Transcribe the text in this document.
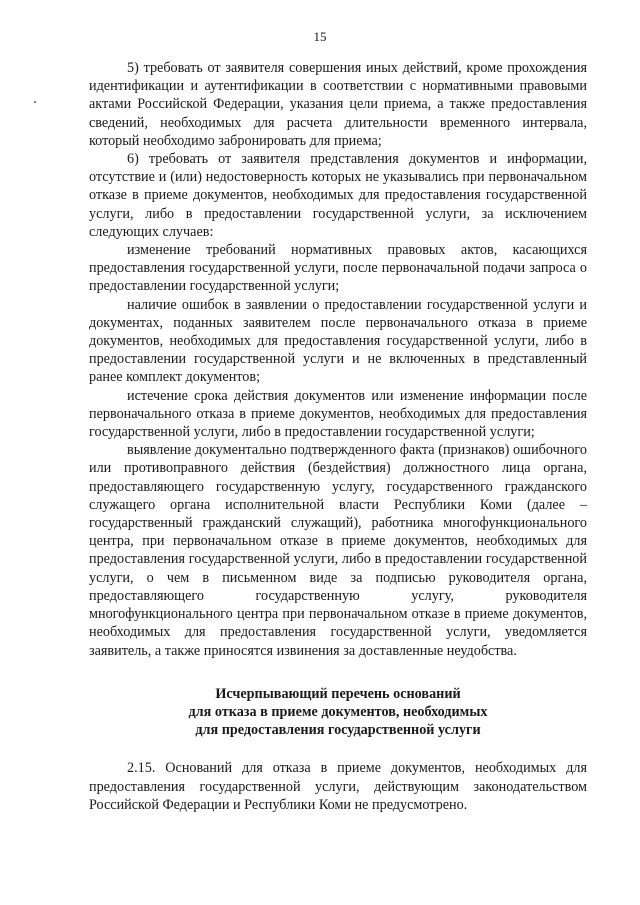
15

5) требовать от заявителя совершения иных действий, кроме прохождения идентификации и аутентификации в соответствии с нормативными правовыми актами Российской Федерации, указания цели приема, а также предоставления сведений, необходимых для расчета длительности временного интервала, который необходимо забронировать для приема;

6) требовать от заявителя представления документов и информации, отсутствие и (или) недостоверность которых не указывались при первоначальном отказе в приеме документов, необходимых для предоставления государственной услуги, либо в предоставлении государственной услуги, за исключением следующих случаев:

изменение требований нормативных правовых актов, касающихся предоставления государственной услуги, после первоначальной подачи запроса о предоставлении государственной услуги;

наличие ошибок в заявлении о предоставлении государственной услуги и документах, поданных заявителем после первоначального отказа в приеме документов, необходимых для предоставления государственной услуги, либо в предоставлении государственной услуги и не включенных в представленный ранее комплект документов;

истечение срока действия документов или изменение информации после первоначального отказа в приеме документов, необходимых для предоставления государственной услуги, либо в предоставлении государственной услуги;

выявление документально подтвержденного факта (признаков) ошибочного или противоправного действия (бездействия) должностного лица органа, предоставляющего государственную услугу, государственного гражданского служащего органа исполнительной власти Республики Коми (далее – государственный гражданский служащий), работника многофункционального центра, при первоначальном отказе в приеме документов, необходимых для предоставления государственной услуги, либо в предоставлении государственной услуги, о чем в письменном виде за подписью руководителя органа, предоставляющего государственную услугу, руководителя многофункционального центра при первоначальном отказе в приеме документов, необходимых для предоставления государственной услуги, уведомляется заявитель, а также приносятся извинения за доставленные неудобства.

Исчерпывающий перечень оснований
для отказа в приеме документов, необходимых
для предоставления государственной услуги

2.15. Оснований для отказа в приеме документов, необходимых для предоставления государственной услуги, действующим законодательством Российской Федерации и Республики Коми не предусмотрено.
